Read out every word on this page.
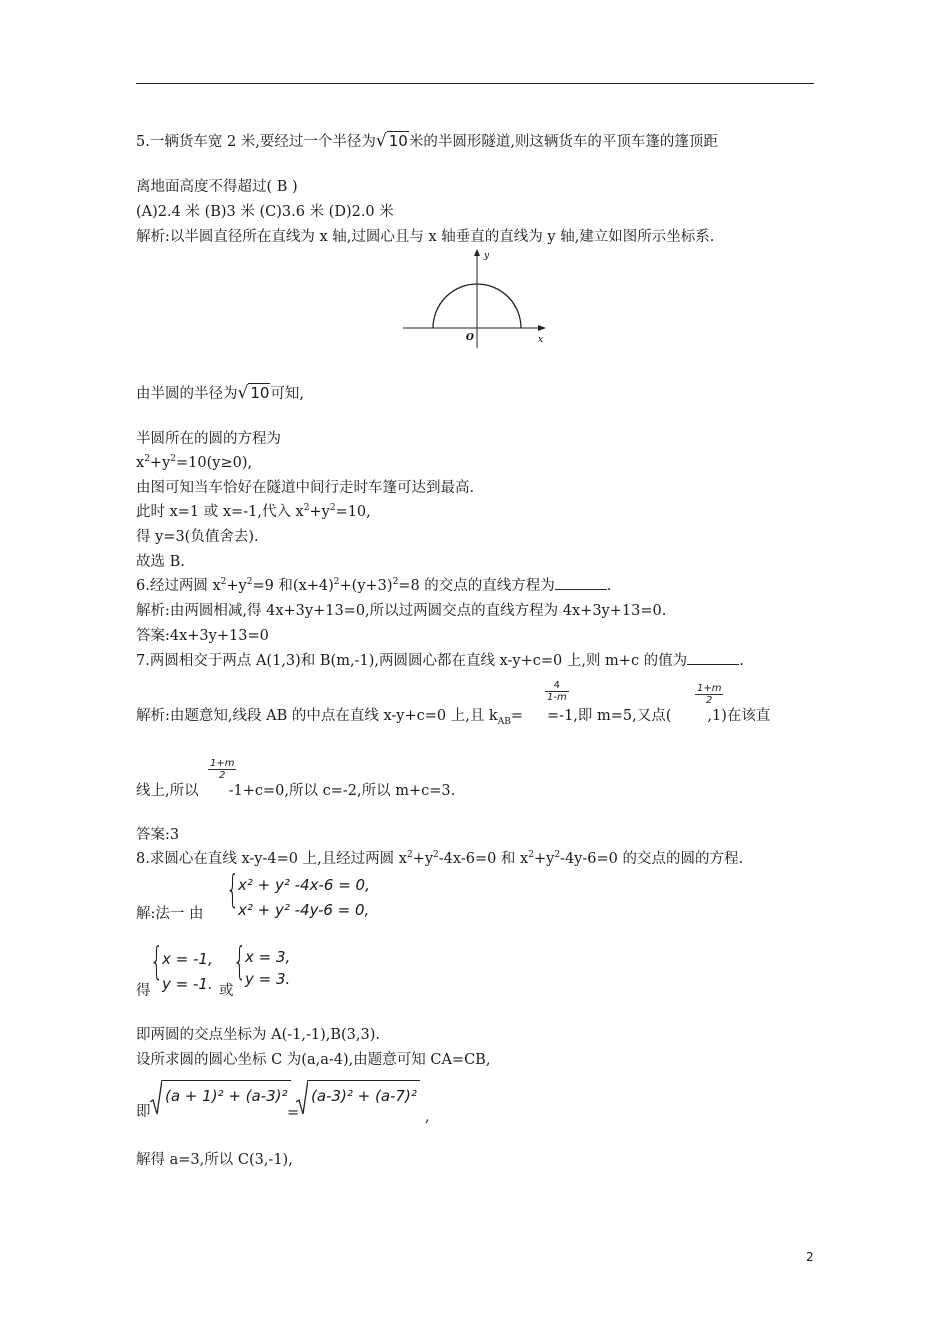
5.一辆货车宽 2 米,要经过一个半径为√ 10米的半圆形隧道,则这辆货车的平顶车篷的篷顶距
离地面高度不得超过( B )
(A)2.4 米 (B)3 米 (C)3.6 米 (D)2.0 米
解析:以半圆直径所在直线为 x 轴,过圆心且与 x 轴垂直的直线为 y 轴,建立如图所示坐标系.
y
x
O
由半圆的半径为√ 10可知,
半圆所在的圆的方程为
$x^2+y^2=10(y\ge 0)$,
由图可知当车恰好在隧道中间行走时车篷可达到最高.
此时 x=1 或 x=-1,代入 $x^2+y^2=10$,
得 y=3(负值舍去).
故选 B.
6.经过两圆 $x^2+y^2=9$ 和$(x+4)^2+(y+3)^2=8$ 的交点的直线方程为	.
解析:由两圆相减,得 4x+3y+13=0,所以过两圆交点的直线方程为 4x+3y+13=0.
答案:4x+3y+13=0
7.两圆相交于两点 A(1,3)和 B(m,-1),两圆圆心都在直线 x-y+c=0 上,则 m+c 的值为	.
$\frac{4}{1-m}$	$\frac{1+m}{2}$
解析:由题意知,线段 AB 的中点在直线 x-y+c=0 上,且 $k_{AB}= =-1$,即 m=5,又点( ,1)在该直
$\frac{1+m}{2}$
线上,所以 -1+c=0,所以 c=-2,所以 m+c=3.
答案:3
8.求圆心在直线 x-y-4=0 上,且经过两圆 $x^2+y^2-4x-6=0$ 和 $x^2+y^2-4y-6=0$ 的交点的圆的方程.
{
x² + y² -4x-6 = 0,
x² + y² -4y-6 = 0,
解:法一 由
{
x = -1,
y = -1.
得	或
{
x = 3,
y = 3.
即两圆的交点坐标为 A(-1,-1),B(3,3).
设所求圆的圆心坐标 C 为(a,a-4),由题意可知 CA=CB,
即
(a + 1)² + (a-3)²
=
(a-3)² + (a-7)²
,
解得 a=3,所以 C(3,-1),
2
